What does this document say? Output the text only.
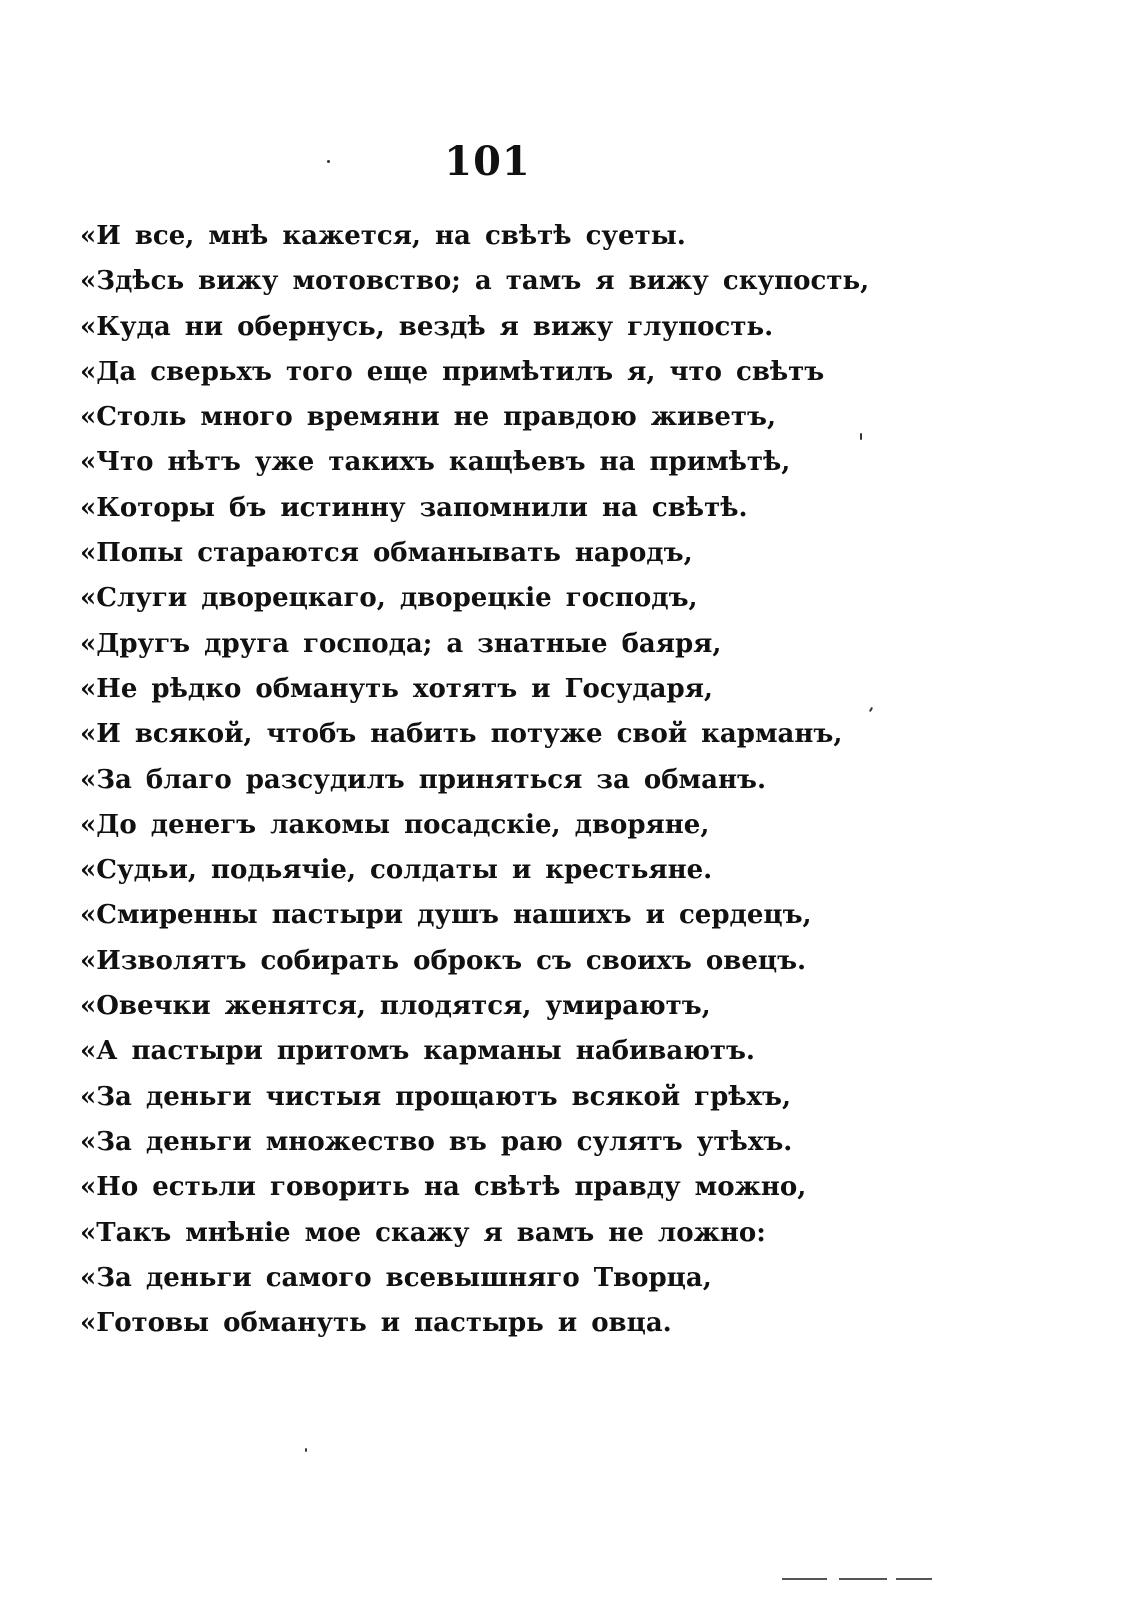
101
«И все, мнѣ кажется, на свѣтѣ суеты.
«Здѣсь вижу мотовство; а тамъ я вижу скупость,
«Куда ни обернусь, вездѣ я вижу глупость.
«Да сверьхъ того еще примѣтилъ я, что свѣтъ
«Столь много времяни не правдою живетъ,
«Что нѣтъ уже такихъ кащѣевъ на примѣтѣ,
«Которы бъ истинну запомнили на свѣтѣ.
«Попы стараются обманывать народъ,
«Слуги дворецкаго, дворецкіе господъ,
«Другъ друга господа; а знатные баяря,
«Не рѣдко обмануть хотятъ и Государя,
«И всякой, чтобъ набить потуже свой карманъ,
«За благо разсудилъ приняться за обманъ.
«До денегъ лакомы посадскіе, дворяне,
«Судьи, подьячіе, солдаты и крестьяне.
«Смиренны пастыри душъ нашихъ и сердецъ,
«Изволятъ собирать оброкъ съ своихъ овецъ.
«Овечки женятся, плодятся, умираютъ,
«А пастыри притомъ карманы набиваютъ.
«За деньги чистыя прощаютъ всякой грѣхъ,
«За деньги множество въ раю сулятъ утѣхъ.
«Но естьли говорить на свѣтѣ правду можно,
«Такъ мнѣніе мое скажу я вамъ не ложно:
«За деньги самого всевышняго Творца,
«Готовы обмануть и пастырь и овца.
